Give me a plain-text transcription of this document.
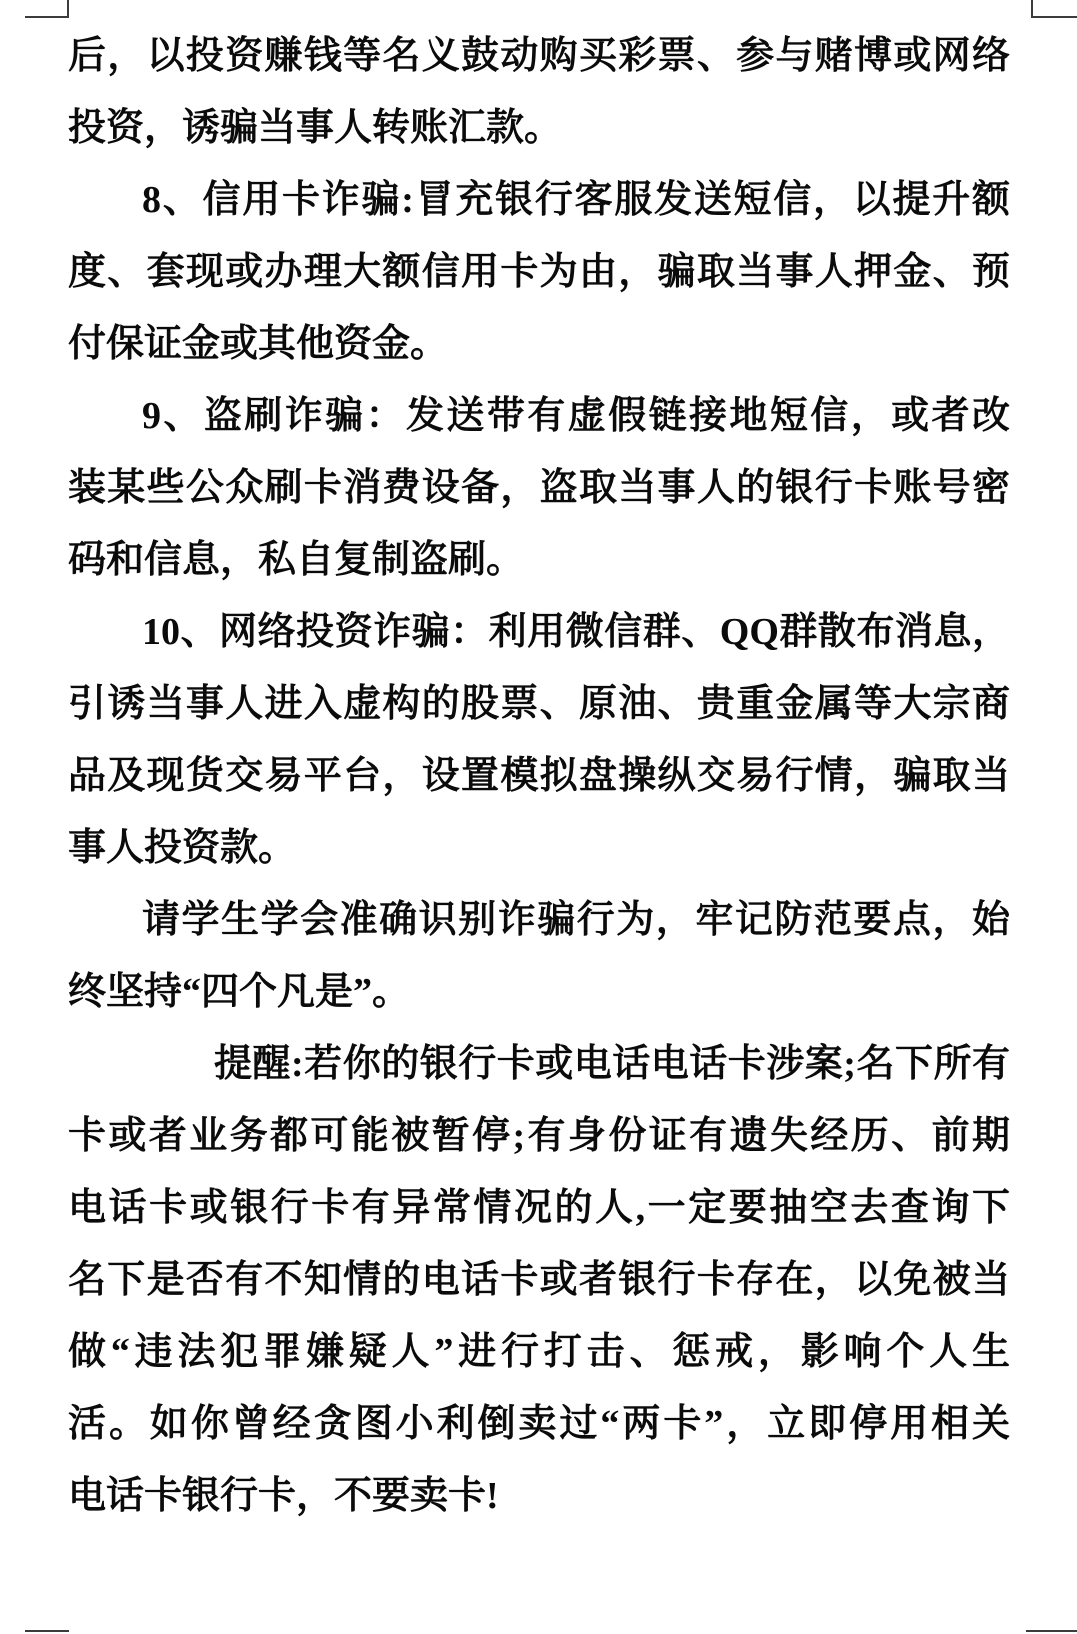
后，以投资赚钱等名义鼓动购买彩票、参与赌博或网络
投资，诱骗当事人转账汇款。
8、信用卡诈骗:冒充银行客服发送短信，以提升额
度、套现或办理大额信用卡为由，骗取当事人押金、预
付保证金或其他资金。
9、盗刷诈骗：发送带有虚假链接地短信，或者改
装某些公众刷卡消费设备，盗取当事人的银行卡账号密
码和信息，私自复制盗刷。
10、网络投资诈骗：利用微信群、QQ群散布消息，
引诱当事人进入虚构的股票、原油、贵重金属等大宗商
品及现货交易平台，设置模拟盘操纵交易行情，骗取当
事人投资款。
请学生学会准确识别诈骗行为，牢记防范要点，始
终坚持“四个凡是”。
提醒:若你的银行卡或电话电话卡涉案;名下所有
卡或者业务都可能被暂停;有身份证有遗失经历、前期
电话卡或银行卡有异常情况的人,一定要抽空去查询下
名下是否有不知情的电话卡或者银行卡存在，以免被当
做“违法犯罪嫌疑人”进行打击、惩戒，影响个人生
活。如你曾经贪图小利倒卖过“两卡”，立即停用相关
电话卡银行卡，不要卖卡!
